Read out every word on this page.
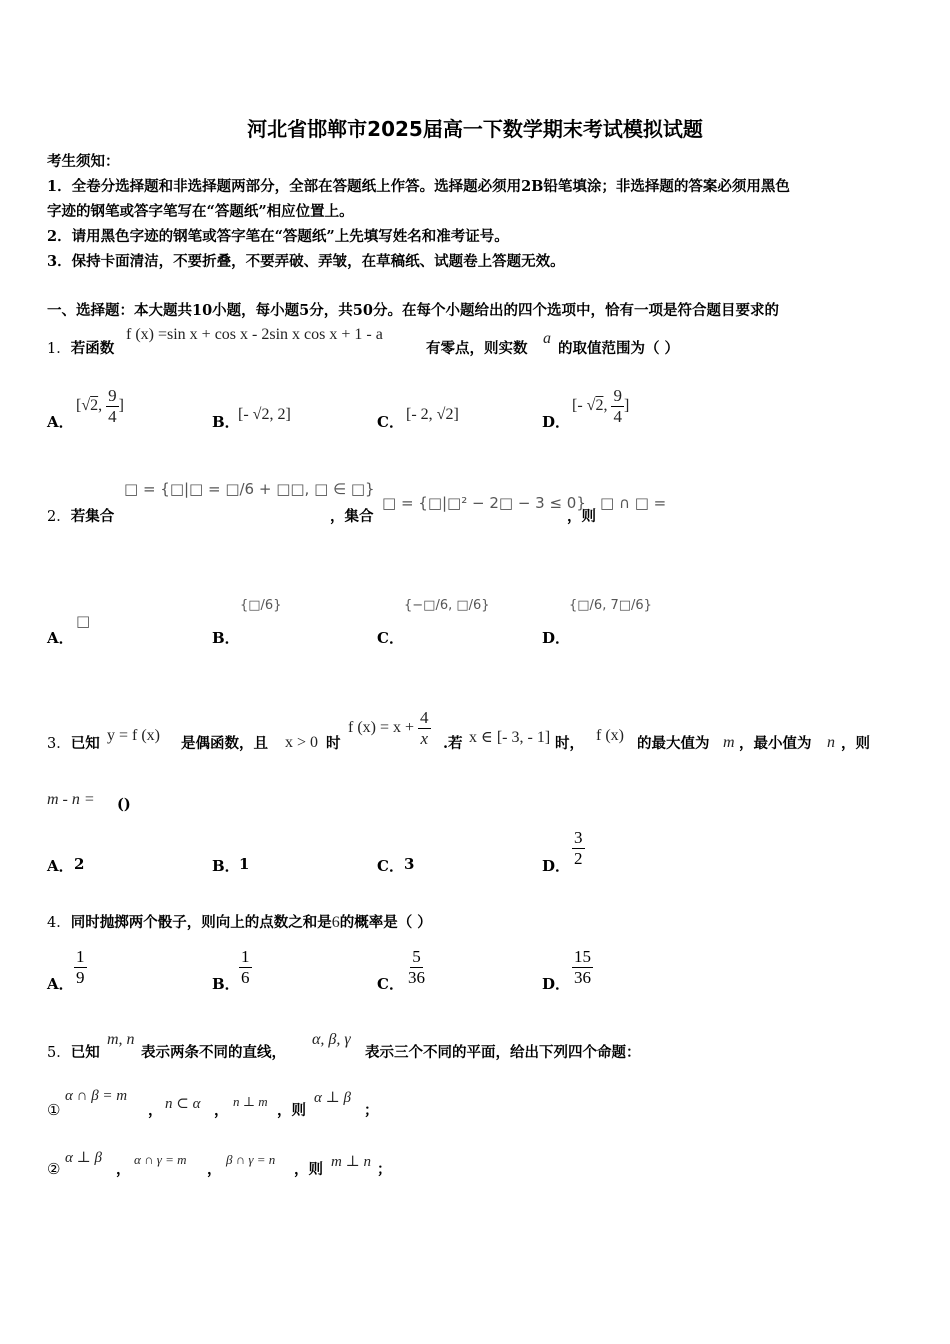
河北省邯郸市2025届高一下数学期末考试模拟试题
考生须知：
1．全卷分选择题和非选择题两部分，全部在答题纸上作答。选择题必须用2B铅笔填涂；非选择题的答案必须用黑色
字迹的钢笔或答字笔写在“答题纸”相应位置上。
2．请用黑色字迹的钢笔或答字笔在“答题纸”上先填写姓名和准考证号。
3．保持卡面清洁，不要折叠，不要弄破、弄皱，在草稿纸、试题卷上答题无效。
一、选择题：本大题共10小题，每小题5分，共50分。在每个小题给出的四个选项中，恰有一项是符合题目要求的
1．若函数
f (x) =sin x + cos x - 2sin x cos x + 1 - a
有零点，则实数
a
的取值范围为（ ）
A．
[√2, $\frac{9}{4}$ ]
B．
[- √2, 2]	C． [- 2, √2]	D．
[- √2, $\frac{9}{4}$ ]
2．若集合
□ = {□|□ = □/6 + □□, □ ∈ □}
，集合
□ = {□|□² − 2□ − 3 ≤ 0}
，则
□ ∩ □ =
A．
□
B．
{□/6}
C．
{−□/6, □/6}
D．
{□/6, 7□/6}
3．已知 y = f (x) 是偶函数，且 x > 0 时
f $(x) = x + \frac{4}{x}$ .若 x ∈ [- 3, - 1] 时， f (x) 的最大值为 m ，最小值为 n ，则
m - n = ()
A． 2	B． 1	C． 3	D． $\frac{3}{2}$
4．同时抛掷两个骰子，则向上的点数之和是6的概率是（ ）
A． $\frac{1}{9}$	B． $\frac{1}{6}$	C． $\frac{5}{36}$	D． $\frac{15}{36}$
5．已知
m, n
表示两条不同的直线，
α, β, γ
表示三个不同的平面，给出下列四个命题：
①
α ∩ β = m
， n ⊂ α ，
n ⊥ m
，则
α ⊥ β
；
②
α ⊥ β
，
α ∩ γ = m
，
β ∩ γ = n
，则 m ⊥ n ；
